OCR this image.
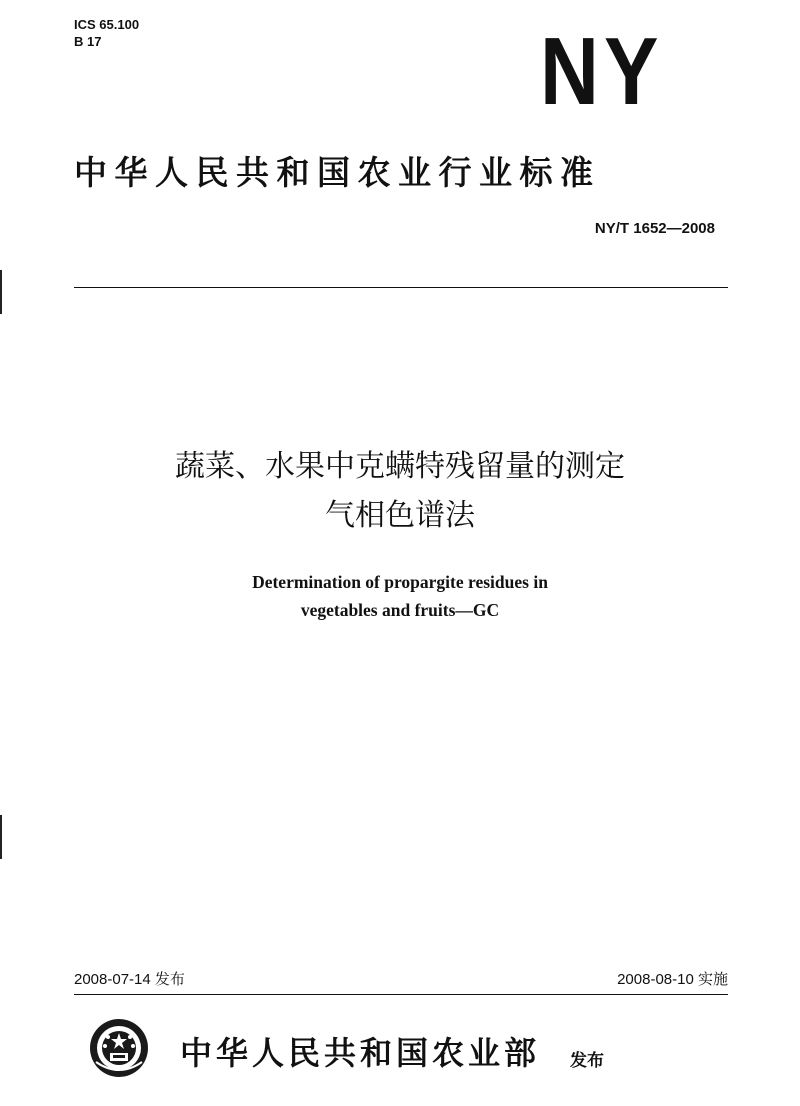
ICS 65.100
B 17	NY
中华人民共和国农业行业标准
NY/T 1652—2008
蔬菜、水果中克螨特残留量的测定
气相色谱法
Determination of propargite residues in
vegetables and fruits—GC
2008-07-14 发布	2008-08-10 实施
中华人民共和国农业部 发布
